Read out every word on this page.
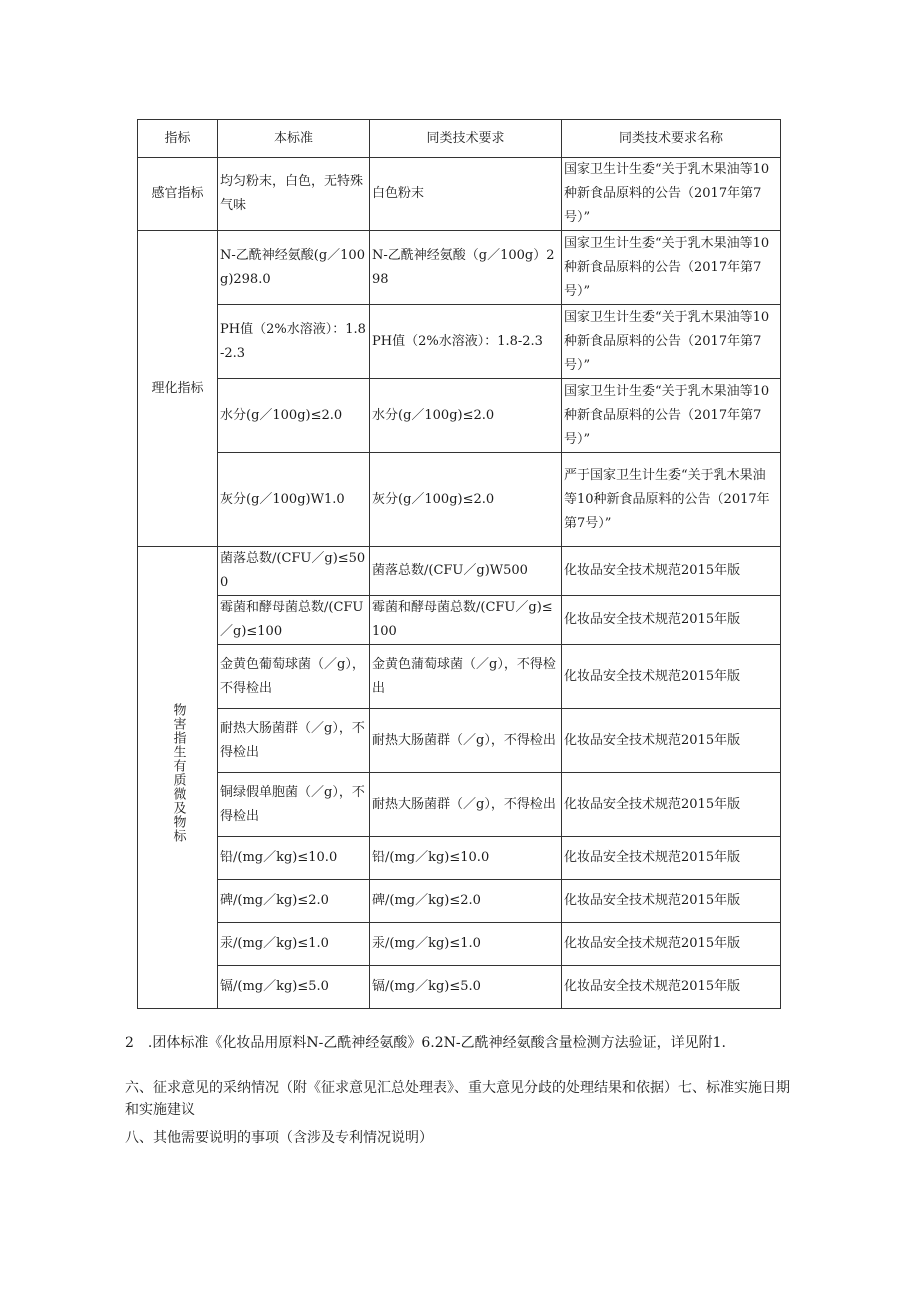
指标	本标准	同类技术要求	同类技术要求名称
感官指标	均匀粉末，白色，无特殊气味	白色粉末	国家卫生计生委“关于乳木果油等10种新食品原料的公告（2017年第7号）”
理化指标	N-乙酰神经氨酸(g／100g)298.0	N-乙酰神经氨酸（g／100g）298	国家卫生计生委“关于乳木果油等10种新食品原料的公告（2017年第7号）”
	PH值（2%水溶液）：1.8-2.3	PH值（2%水溶液）：1.8-2.3	国家卫生计生委“关于乳木果油等10种新食品原料的公告（2017年第7号）”
	水分(g／100g)≤2.0	水分(g／100g)≤2.0	国家卫生计生委“关于乳木果油等10种新食品原料的公告（2017年第7号）”
	灰分(g／100g)W1.0	灰分(g／100g)≤2.0	严于国家卫生计生委“关于乳木果油等10种新食品原料的公告（2017年第7号）”
物害指生有质微及物标	菌落总数/(CFU／g)≤500	菌落总数/(CFU／g)W500	化妆品安全技术规范2015年版
	霉菌和酵母菌总数/(CFU／g)≤100	霉菌和酵母菌总数/(CFU／g)≤100	化妆品安全技术规范2015年版
	金黄色葡萄球菌（／g），不得检出	金黄色蒲萄球菌（／g），不得检出	化妆品安全技术规范2015年版
	耐热大肠菌群（／g），不得检出	耐热大肠菌群（／g），不得检出	化妆品安全技术规范2015年版
	铜绿假单胞菌（／g），不得检出	耐热大肠菌群（／g），不得检出	化妆品安全技术规范2015年版
	铅/(mg／kg)≤10.0	铅/(mg／kg)≤10.0	化妆品安全技术规范2015年版
	碑/(mg／kg)≤2.0	碑/(mg／kg)≤2.0	化妆品安全技术规范2015年版
	汞/(mg／kg)≤1.0	汞/(mg／kg)≤1.0	化妆品安全技术规范2015年版
	镉/(mg／kg)≤5.0	镉/(mg／kg)≤5.0	化妆品安全技术规范2015年版

2　.团体标准《化妆品用原料N-乙酰神经氨酸》6.2N-乙酰神经氨酸含量检测方法验证，详见附1.

六、征求意见的采纳情况（附《征求意见汇总处理表》、重大意见分歧的处理结果和依据）七、标准实施日期和实施建议

八、其他需要说明的事项（含涉及专利情况说明）
